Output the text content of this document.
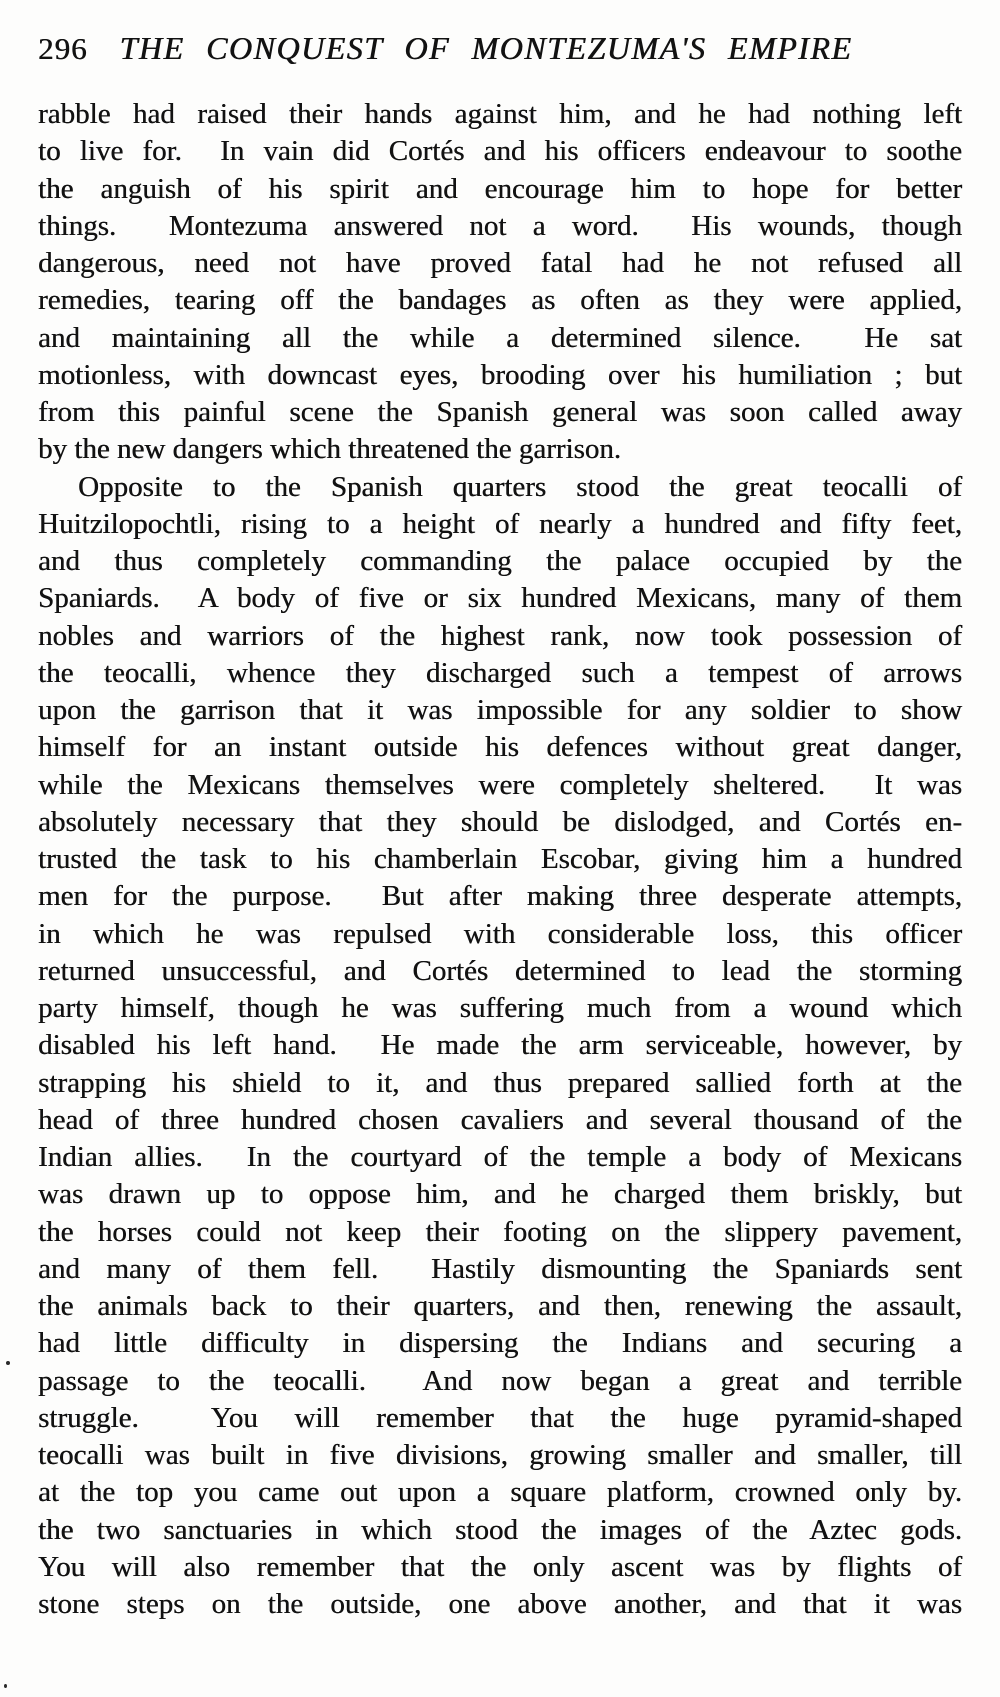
296 THE CONQUEST OF MONTEZUMA'S EMPIRE
rabble had raised their hands against him, and he had nothing left
to live for.  In vain did Cortés and his officers endeavour to soothe
the anguish of his spirit and encourage him to hope for better
things.  Montezuma answered not a word.  His wounds, though
dangerous, need not have proved fatal had he not refused all
remedies, tearing off the bandages as often as they were applied,
and maintaining all the while a determined silence.  He sat
motionless, with downcast eyes, brooding over his humiliation ; but
from this painful scene the Spanish general was soon called away
by the new dangers which threatened the garrison.
Opposite to the Spanish quarters stood the great teocalli of
Huitzilopochtli, rising to a height of nearly a hundred and fifty feet,
and thus completely commanding the palace occupied by the
Spaniards.  A body of five or six hundred Mexicans, many of them
nobles and warriors of the highest rank, now took possession of
the teocalli, whence they discharged such a tempest of arrows
upon the garrison that it was impossible for any soldier to show
himself for an instant outside his defences without great danger,
while the Mexicans themselves were completely sheltered.  It was
absolutely necessary that they should be dislodged, and Cortés en-
trusted the task to his chamberlain Escobar, giving him a hundred
men for the purpose.  But after making three desperate attempts,
in which he was repulsed with considerable loss, this officer
returned unsuccessful, and Cortés determined to lead the storming
party himself, though he was suffering much from a wound which
disabled his left hand.  He made the arm serviceable, however, by
strapping his shield to it, and thus prepared sallied forth at the
head of three hundred chosen cavaliers and several thousand of the
Indian allies.  In the courtyard of the temple a body of Mexicans
was drawn up to oppose him, and he charged them briskly, but
the horses could not keep their footing on the slippery pavement,
and many of them fell.  Hastily dismounting the Spaniards sent
the animals back to their quarters, and then, renewing the assault,
had little difficulty in dispersing the Indians and securing a
passage to the teocalli.  And now began a great and terrible
struggle.  You will remember that the huge pyramid-shaped
teocalli was built in five divisions, growing smaller and smaller, till
at the top you came out upon a square platform, crowned only by.
the two sanctuaries in which stood the images of the Aztec gods.
You will also remember that the only ascent was by flights of
stone steps on the outside, one above another, and that it was
